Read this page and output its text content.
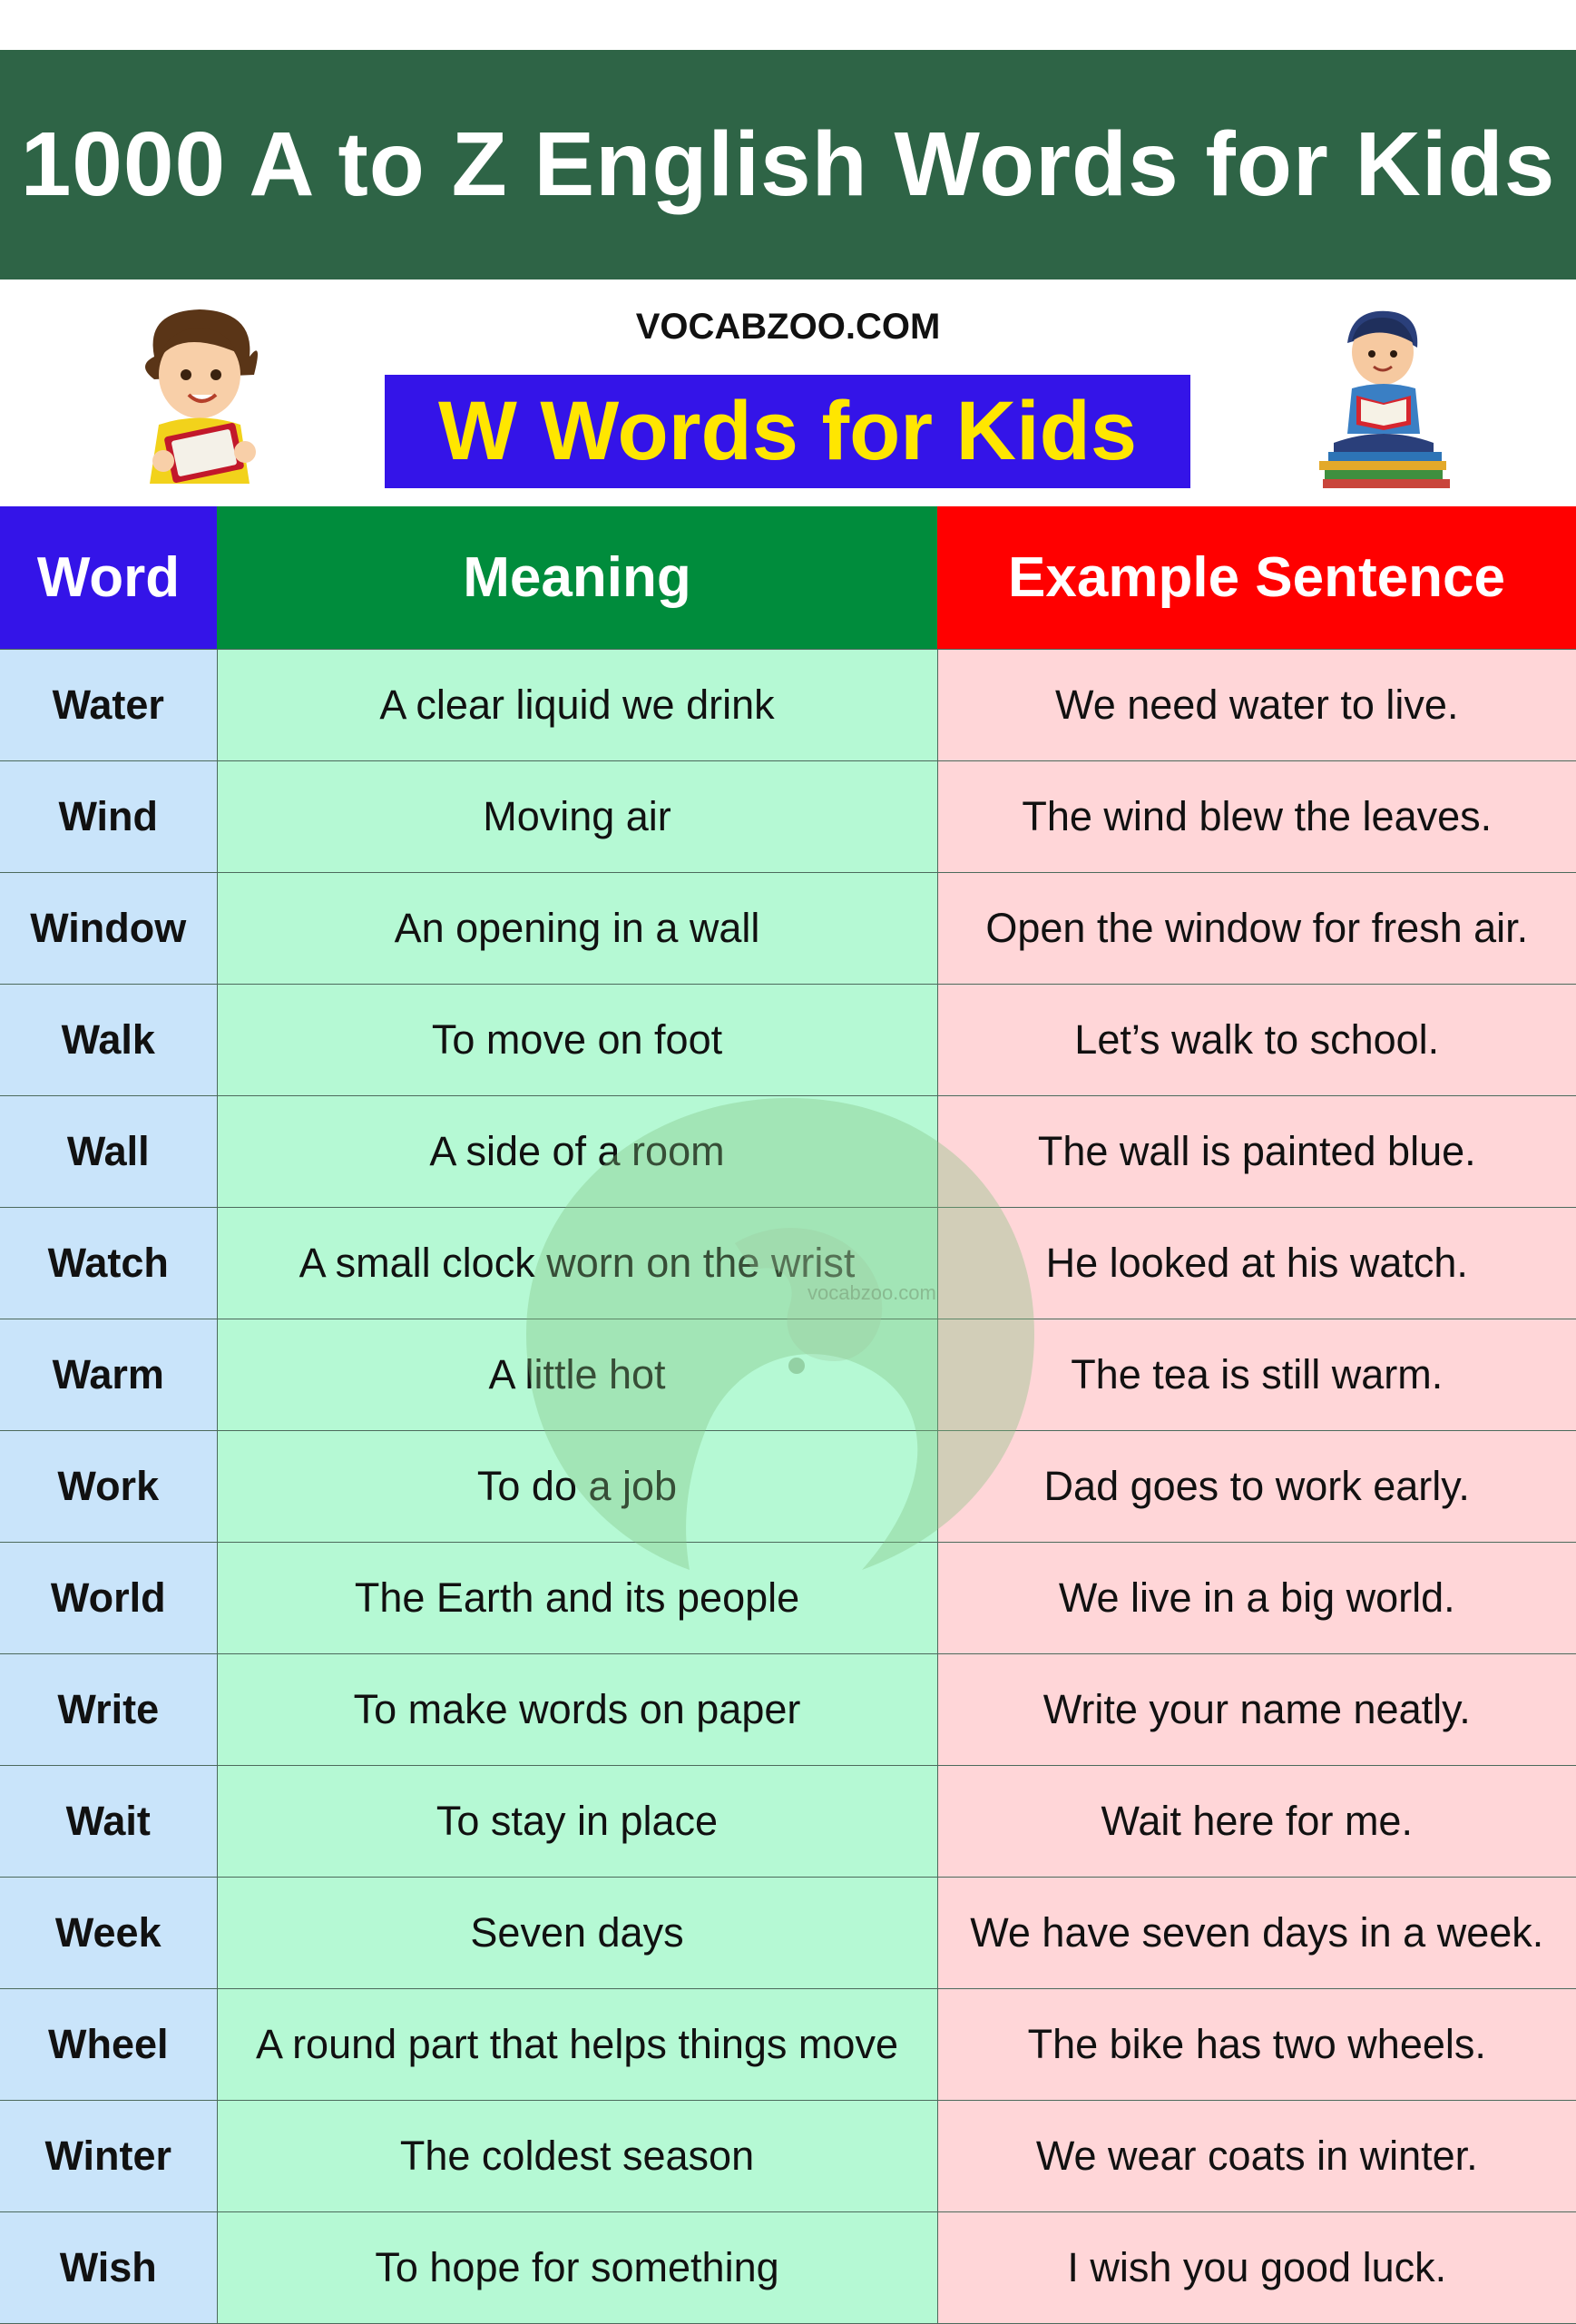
1000 A to Z English Words for Kids
VOCABZOO.COM
W Words for Kids
Word	Meaning	Example Sentence
Water	A clear liquid we drink	We need water to live.
Wind	Moving air	The wind blew the leaves.
Window	An opening in a wall	Open the window for fresh air.
Walk	To move on foot	Let’s walk to school.
Wall	A side of a room	The wall is painted blue.
Watch	A small clock worn on the wrist	He looked at his watch.
Warm	A little hot	The tea is still warm.
Work	To do a job	Dad goes to work early.
World	The Earth and its people	We live in a big world.
Write	To make words on paper	Write your name neatly.
Wait	To stay in place	Wait here for me.
Week	Seven days	We have seven days in a week.
Wheel	A round part that helps things move	The bike has two wheels.
Winter	The coldest season	We wear coats in winter.
Wish	To hope for something	I wish you good luck.
vocabzoo.com
